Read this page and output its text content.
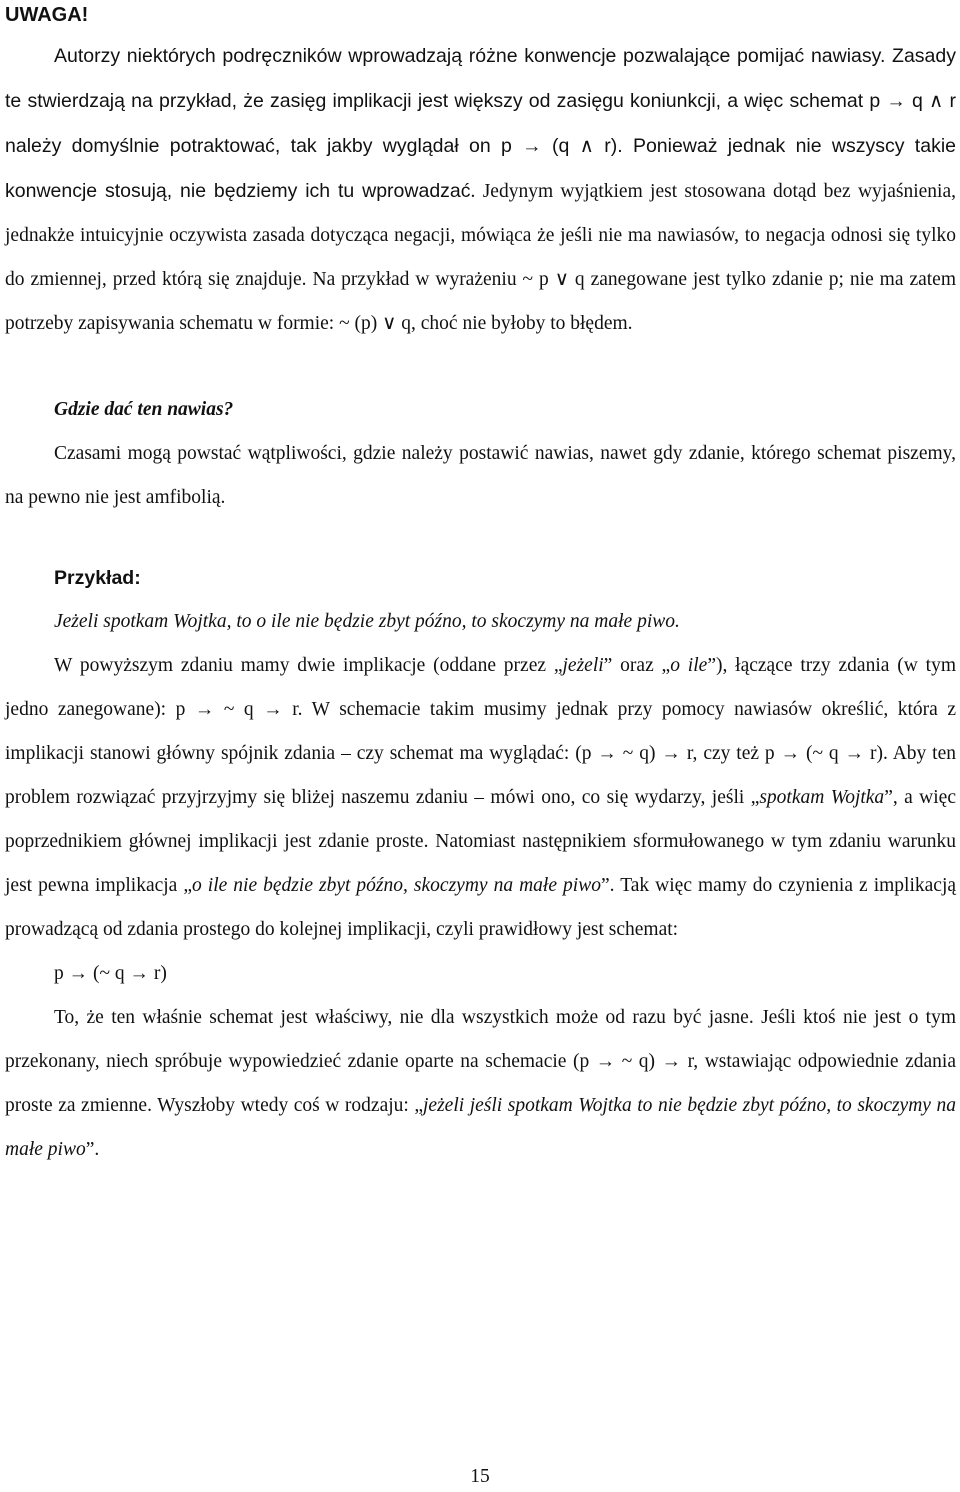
UWAGA!

Autorzy niektórych podręczników wprowadzają różne konwencje pozwalające pomijać nawiasy. Zasady te stwierdzają na przykład, że zasięg implikacji jest większy od zasięgu koniunkcji, a więc schemat p → q ∧ r należy domyślnie potraktować, tak jakby wyglądał on p → (q ∧ r). Ponieważ jednak nie wszyscy takie konwencje stosują, nie będziemy ich tu wprowadzać. Jedynym wyjątkiem jest stosowana dotąd bez wyjaśnienia, jednakże intuicyjnie oczywista zasada dotycząca negacji, mówiąca że jeśli nie ma nawiasów, to negacja odnosi się tylko do zmiennej, przed którą się znajduje. Na przykład w wyrażeniu ~ p ∨ q zanegowane jest tylko zdanie p; nie ma zatem potrzeby zapisywania schematu w formie: ~ (p) ∨ q, choć nie byłoby to błędem.

Gdzie dać ten nawias?

Czasami mogą powstać wątpliwości, gdzie należy postawić nawias, nawet gdy zdanie, którego schemat piszemy, na pewno nie jest amfibolią.

Przykład:

Jeżeli spotkam Wojtka, to o ile nie będzie zbyt późno, to skoczymy na małe piwo.

W powyższym zdaniu mamy dwie implikacje (oddane przez „jeżeli” oraz „o ile”), łączące trzy zdania (w tym jedno zanegowane): p → ~ q → r. W schemacie takim musimy jednak przy pomocy nawiasów określić, która z implikacji stanowi główny spójnik zdania – czy schemat ma wyglądać: (p → ~ q) → r, czy też p → (~ q → r). Aby ten problem rozwiązać przyjrzyjmy się bliżej naszemu zdaniu – mówi ono, co się wydarzy, jeśli „spotkam Wojtka”, a więc poprzednikiem głównej implikacji jest zdanie proste. Natomiast następnikiem sformułowanego w tym zdaniu warunku jest pewna implikacja „o ile nie będzie zbyt późno, skoczymy na małe piwo”. Tak więc mamy do czynienia z implikacją prowadzącą od zdania prostego do kolejnej implikacji, czyli prawidłowy jest schemat:

p → (~ q → r)

To, że ten właśnie schemat jest właściwy, nie dla wszystkich może od razu być jasne. Jeśli ktoś nie jest o tym przekonany, niech spróbuje wypowiedzieć zdanie oparte na schemacie (p → ~ q) → r, wstawiając odpowiednie zdania proste za zmienne. Wyszłoby wtedy coś w rodzaju: „jeżeli jeśli spotkam Wojtka to nie będzie zbyt późno, to skoczymy na małe piwo”.

15
